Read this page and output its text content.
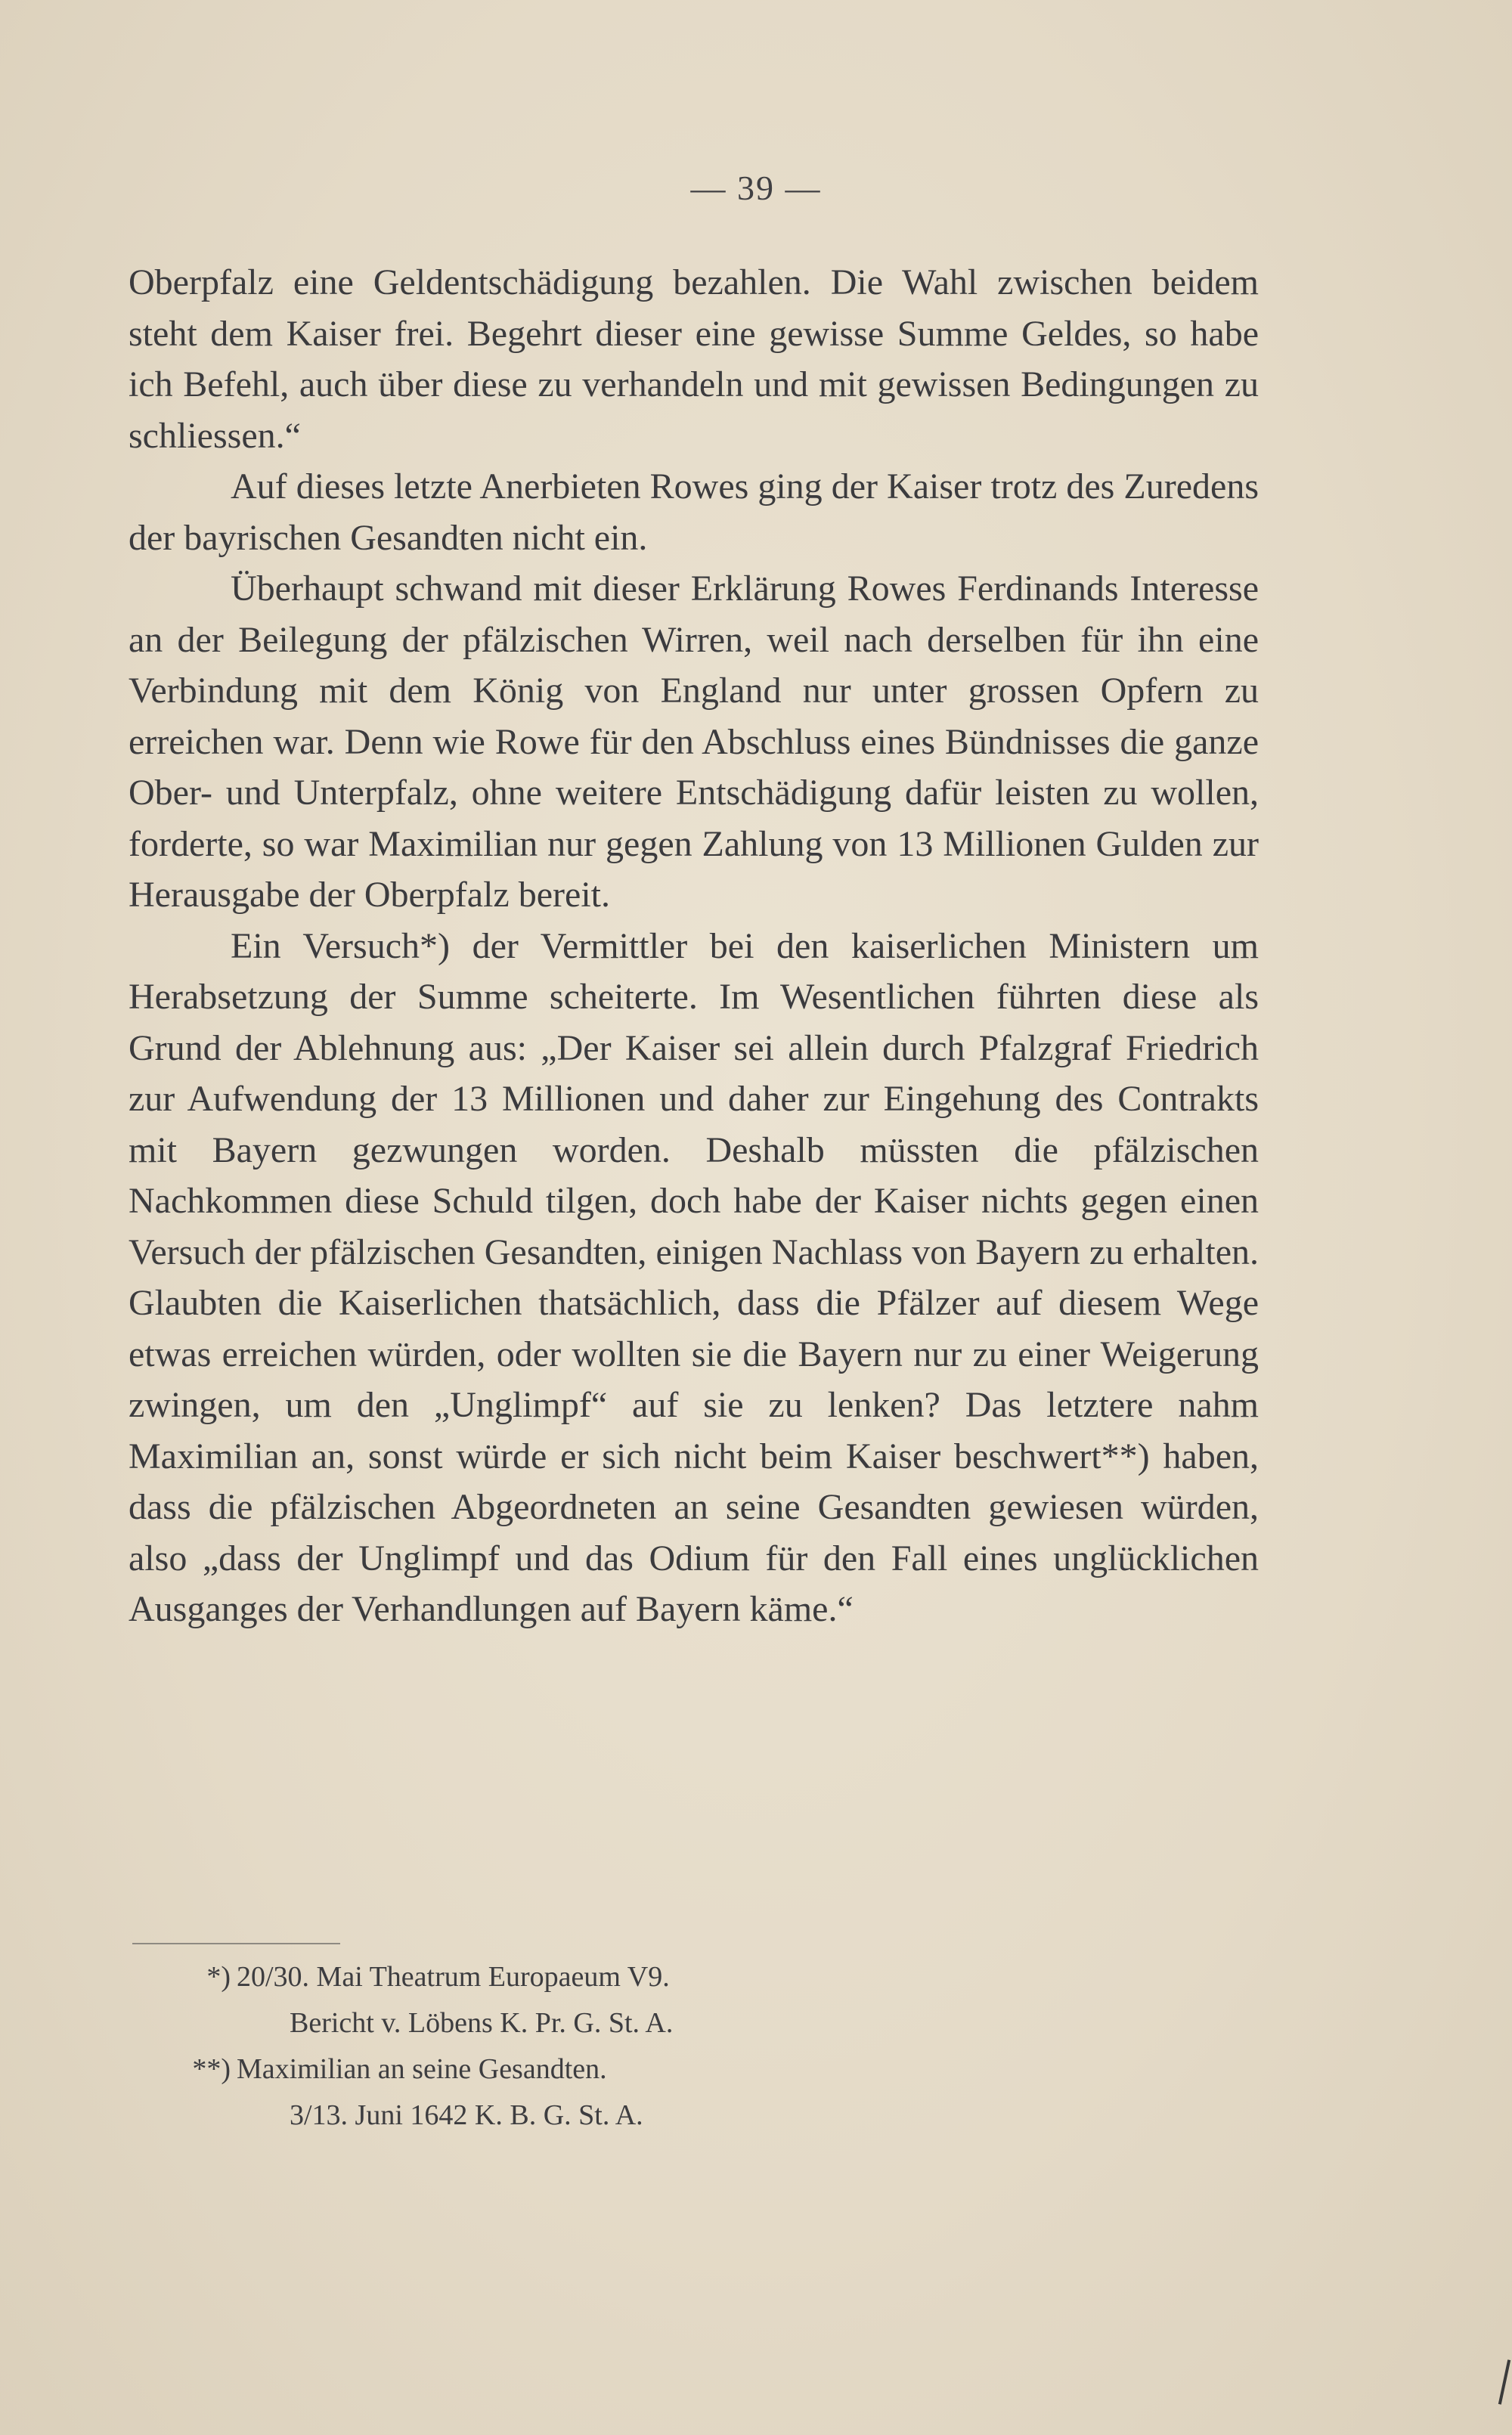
— 39 —

Oberpfalz eine Geldentschädigung bezahlen. Die Wahl zwischen beidem steht dem Kaiser frei. Begehrt dieser eine gewisse Summe Geldes, so habe ich Befehl, auch über diese zu verhandeln und mit gewissen Bedingungen zu schliessen.“

Auf dieses letzte Anerbieten Rowes ging der Kaiser trotz des Zuredens der bayrischen Gesandten nicht ein.

Überhaupt schwand mit dieser Erklärung Rowes Ferdinands Interesse an der Beilegung der pfälzischen Wirren, weil nach derselben für ihn eine Verbindung mit dem König von England nur unter grossen Opfern zu erreichen war. Denn wie Rowe für den Abschluss eines Bündnisses die ganze Ober- und Unterpfalz, ohne weitere Entschädigung dafür leisten zu wollen, forderte, so war Maximilian nur gegen Zahlung von 13 Millionen Gulden zur Herausgabe der Oberpfalz bereit.

Ein Versuch*) der Vermittler bei den kaiserlichen Ministern um Herabsetzung der Summe scheiterte. Im Wesentlichen führten diese als Grund der Ablehnung aus: „Der Kaiser sei allein durch Pfalzgraf Friedrich zur Aufwendung der 13 Millionen und daher zur Eingehung des Contrakts mit Bayern gezwungen worden. Deshalb müssten die pfälzischen Nachkommen diese Schuld tilgen, doch habe der Kaiser nichts gegen einen Versuch der pfälzischen Gesandten, einigen Nachlass von Bayern zu erhalten. Glaubten die Kaiserlichen thatsächlich, dass die Pfälzer auf diesem Wege etwas erreichen würden, oder wollten sie die Bayern nur zu einer Weigerung zwingen, um den „Unglimpf“ auf sie zu lenken? Das letztere nahm Maximilian an, sonst würde er sich nicht beim Kaiser beschwert**) haben, dass die pfälzischen Abgeordneten an seine Gesandten gewiesen würden, also „dass der Unglimpf und das Odium für den Fall eines unglücklichen Ausganges der Verhandlungen auf Bayern käme.“

*) 20/30. Mai Theatrum Europaeum V9.

Bericht v. Löbens K. Pr. G. St. A.

**) Maximilian an seine Gesandten.

3/13. Juni 1642 K. B. G. St. A.
